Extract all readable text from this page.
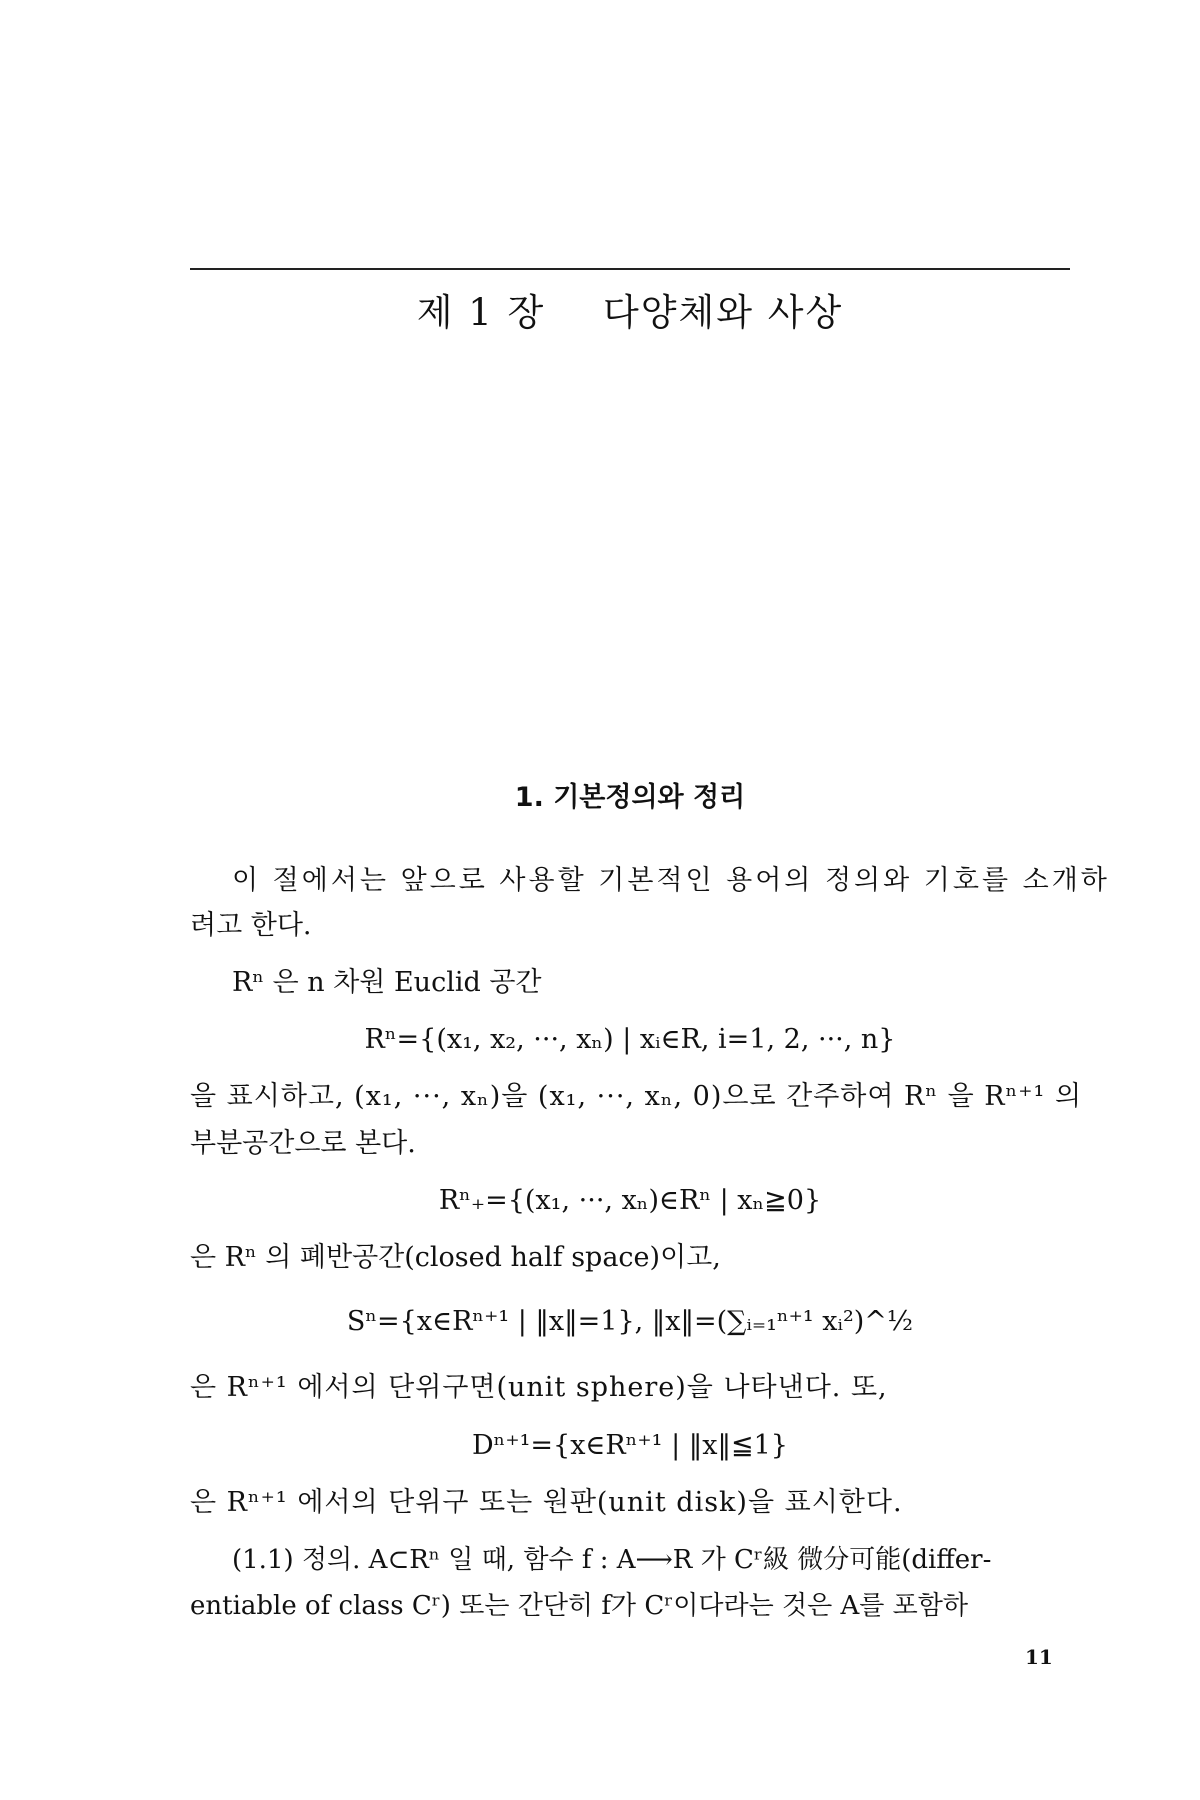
제 1 장 다양체와 사상
1. 기본정의와 정리
이 절에서는 앞으로 사용할 기본적인 용어의 정의와 기호를 소개하
려고 한다.
Rⁿ 은 n 차원 Euclid 공간
Rⁿ={(x₁, x₂, ···, xₙ) | xᵢ∈R, i=1, 2, ···, n}
을 표시하고, (x₁, ···, xₙ)을 (x₁, ···, xₙ, 0)으로 간주하여 Rⁿ 을 Rⁿ⁺¹ 의
부분공간으로 본다.
Rⁿ₊={(x₁, ···, xₙ)∈Rⁿ | xₙ≧0}
은 Rⁿ 의 폐반공간(closed half space)이고,
Sⁿ={x∈Rⁿ⁺¹ | ‖x‖=1}, ‖x‖=(∑ᵢ₌₁ⁿ⁺¹ xᵢ²)^½
은 Rⁿ⁺¹ 에서의 단위구면(unit sphere)을 나타낸다. 또,
Dⁿ⁺¹={x∈Rⁿ⁺¹ | ‖x‖≦1}
은 Rⁿ⁺¹ 에서의 단위구 또는 원판(unit disk)을 표시한다.
(1.1) 정의. A⊂Rⁿ 일 때, 함수 f : A⟶R 가 Cʳ級 微分可能(differ-
entiable of class Cʳ) 또는 간단히 f가 Cʳ이다라는 것은 A를 포함하
11
